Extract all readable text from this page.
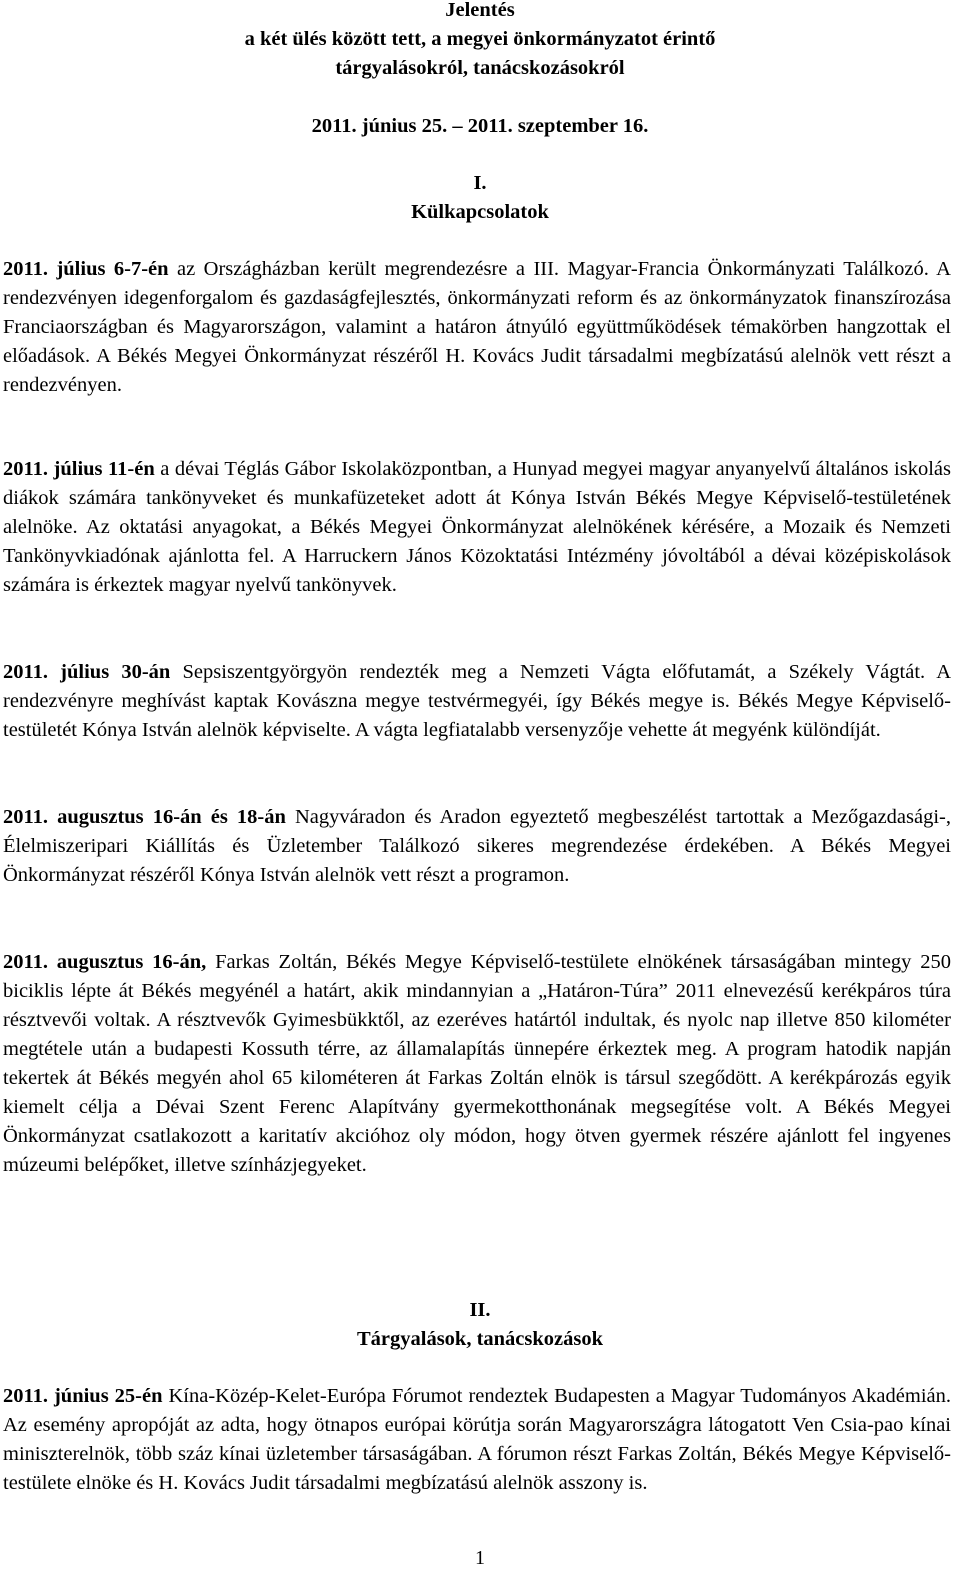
Jelentés
a két ülés között tett, a megyei önkormányzatot érintő
tárgyalásokról, tanácskozásokról
2011. június 25. – 2011. szeptember 16.
I.
Külkapcsolatok

2011. július 6-7-én az Országházban került megrendezésre a III. Magyar-Francia Önkormányzati Találkozó. A rendezvényen idegenforgalom és gazdaságfejlesztés, önkormányzati reform és az önkormányzatok finanszírozása Franciaországban és Magyarországon, valamint a határon átnyúló együttműködések témakörben hangzottak el előadások. A Békés Megyei Önkormányzat részéről H. Kovács Judit társadalmi megbízatású alelnök vett részt a rendezvényen.

2011. július 11-én a dévai Téglás Gábor Iskolaközpontban, a Hunyad megyei magyar anyanyelvű általános iskolás diákok számára tankönyveket és munkafüzeteket adott át Kónya István Békés Megye Képviselő-testületének alelnöke. Az oktatási anyagokat, a Békés Megyei Önkormányzat alelnökének kérésére, a Mozaik és Nemzeti Tankönyvkiadónak ajánlotta fel. A Harruckern János Közoktatási Intézmény jóvoltából a dévai középiskolások számára is érkeztek magyar nyelvű tankönyvek.

2011. július 30-án Sepsiszentgyörgyön rendezték meg a Nemzeti Vágta előfutamát, a Székely Vágtát. A rendezvényre meghívást kaptak Kovászna megye testvérmegyéi, így Békés megye is. Békés Megye Képviselő-testületét Kónya István alelnök képviselte. A vágta legfiatalabb versenyzője vehette át megyénk különdíját.

2011. augusztus 16-án és 18-án Nagyváradon és Aradon egyeztető megbeszélést tartottak a Mezőgazdasági-, Élelmiszeripari Kiállítás és Üzletember Találkozó sikeres megrendezése érdekében. A Békés Megyei Önkormányzat részéről Kónya István alelnök vett részt a programon.

2011. augusztus 16-án, Farkas Zoltán, Békés Megye Képviselő-testülete elnökének társaságában mintegy 250 biciklis lépte át Békés megyénél a határt, akik mindannyian a „Határon-Túra” 2011 elnevezésű kerékpáros túra résztvevői voltak. A résztvevők Gyimesbükktől, az ezeréves határtól indultak, és nyolc nap illetve 850 kilométer megtétele után a budapesti Kossuth térre, az államalapítás ünnepére érkeztek meg. A program hatodik napján tekertek át Békés megyén ahol 65 kilométeren át Farkas Zoltán elnök is társul szegődött. A kerékpározás egyik kiemelt célja a Dévai Szent Ferenc Alapítvány gyermekotthonának megsegítése volt. A Békés Megyei Önkormányzat csatlakozott a karitatív akcióhoz oly módon, hogy ötven gyermek részére ajánlott fel ingyenes múzeumi belépőket, illetve színházjegyeket.

II.
Tárgyalások, tanácskozások

2011. június 25-én Kína-Közép-Kelet-Európa Fórumot rendeztek Budapesten a Magyar Tudományos Akadémián. Az esemény apropóját az adta, hogy ötnapos európai körútja során Magyarországra látogatott Ven Csia-pao kínai miniszterelnök, több száz kínai üzletember társaságában. A fórumon részt Farkas Zoltán, Békés Megye Képviselő-testülete elnöke és H. Kovács Judit társadalmi megbízatású alelnök asszony is.

1
